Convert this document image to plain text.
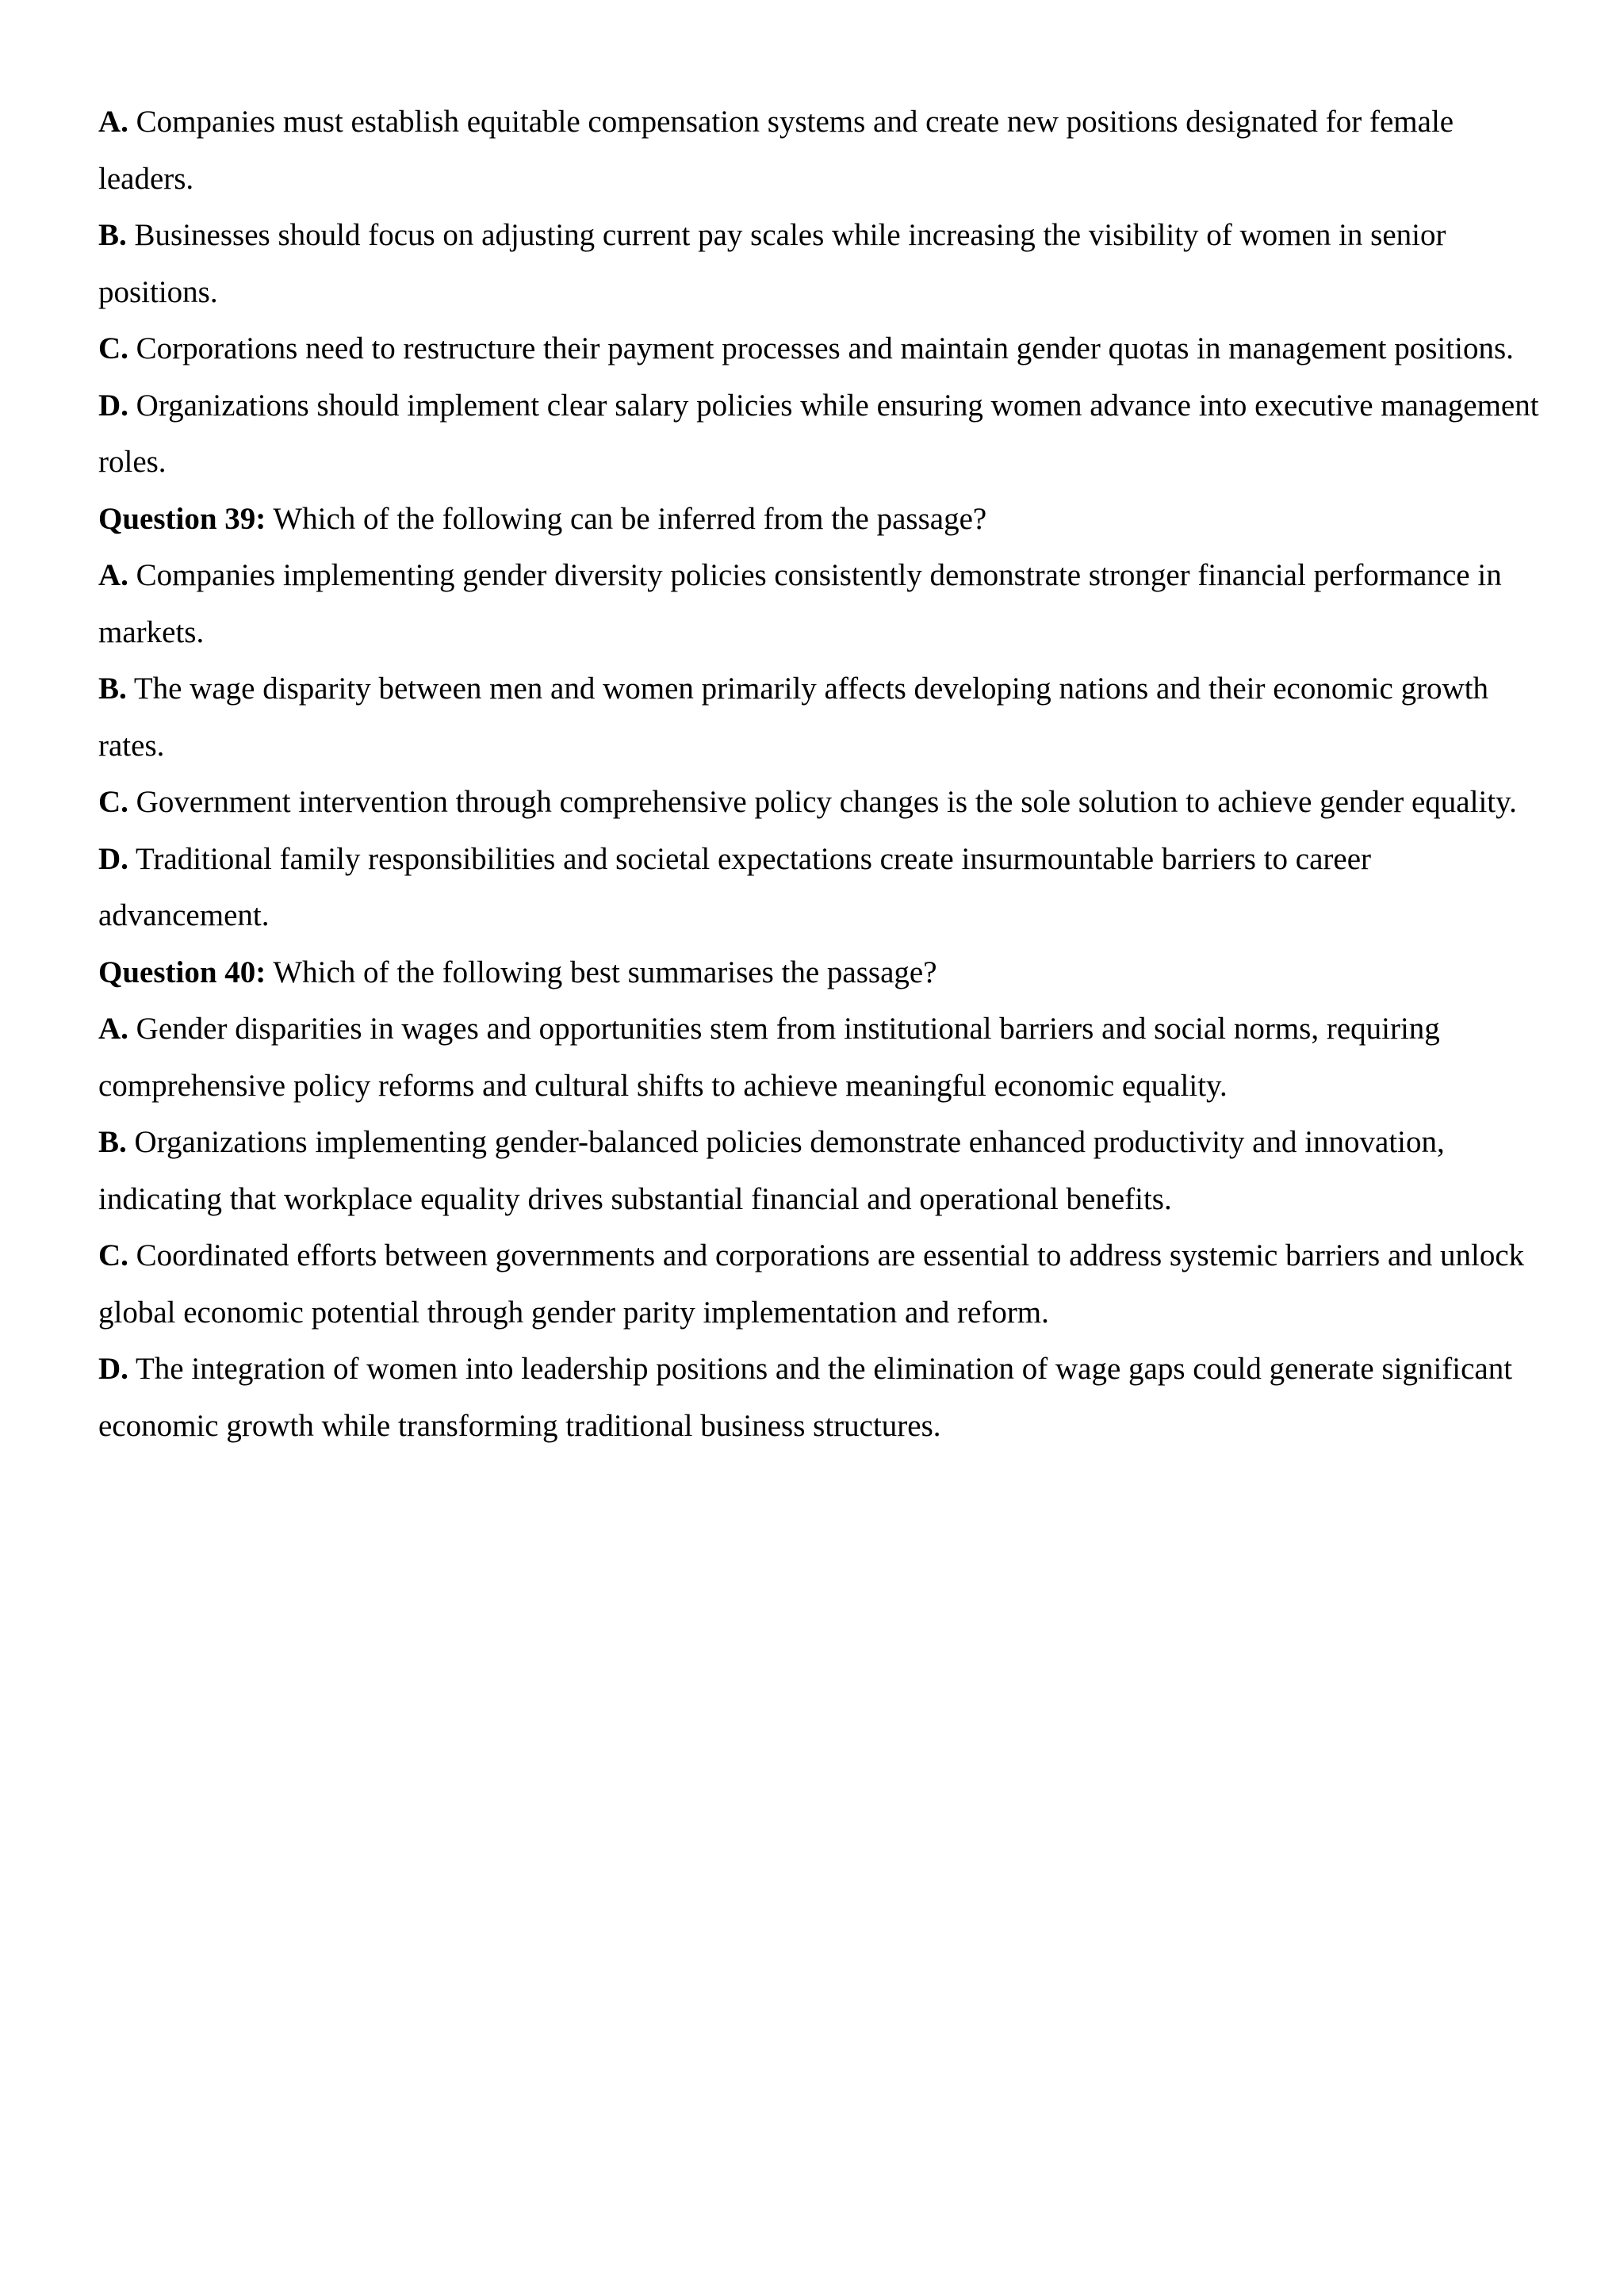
A. Companies must establish equitable compensation systems and create new positions designated for female leaders.

B. Businesses should focus on adjusting current pay scales while increasing the visibility of women in senior positions.

C. Corporations need to restructure their payment processes and maintain gender quotas in management positions.

D. Organizations should implement clear salary policies while ensuring women advance into executive management roles.

Question 39: Which of the following can be inferred from the passage?

A. Companies implementing gender diversity policies consistently demonstrate stronger financial performance in markets.

B. The wage disparity between men and women primarily affects developing nations and their economic growth rates.

C. Government intervention through comprehensive policy changes is the sole solution to achieve gender equality.

D. Traditional family responsibilities and societal expectations create insurmountable barriers to career advancement.

Question 40: Which of the following best summarises the passage?

A. Gender disparities in wages and opportunities stem from institutional barriers and social norms, requiring comprehensive policy reforms and cultural shifts to achieve meaningful economic equality.

B. Organizations implementing gender-balanced policies demonstrate enhanced productivity and innovation, indicating that workplace equality drives substantial financial and operational benefits.

C. Coordinated efforts between governments and corporations are essential to address systemic barriers and unlock global economic potential through gender parity implementation and reform.

D. The integration of women into leadership positions and the elimination of wage gaps could generate significant economic growth while transforming traditional business structures.
